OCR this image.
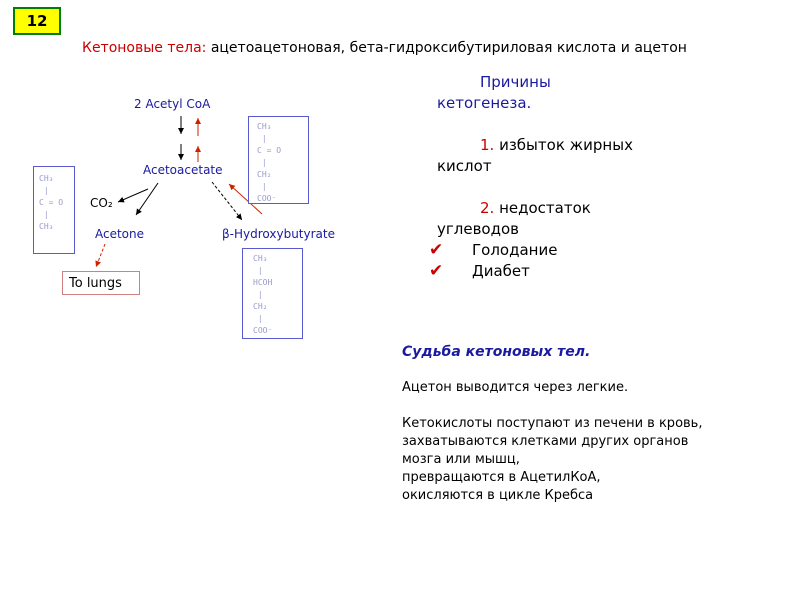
12
Кетоновые тела: ацетоацетоновая, бета-гидроксибутириловая кислота и ацетон
2 Acetyl CoA
Acetoacetate
CO₂
Acetone	β-Hydroxybutyrate
CH₃
|
C = O
|
CH₃
CH₃
|
C = O
|
CH₂
|
COO⁻
CH₃
|
HCOH
|
CH₂
|
COO⁻
To lungs
Причины
кетогенеза.
1. избыток жирных
кислот
2. недостаток
углеводов
✔	Голодание
✔	Диабет
Судьба кетоновых тел.
Ацетон выводится через легкие.
Кетокислоты поступают из печени в кровь,
захватываются клетками других органов
мозга или мышц,
превращаются в АцетилКоА,
окисляются в цикле Кребса
